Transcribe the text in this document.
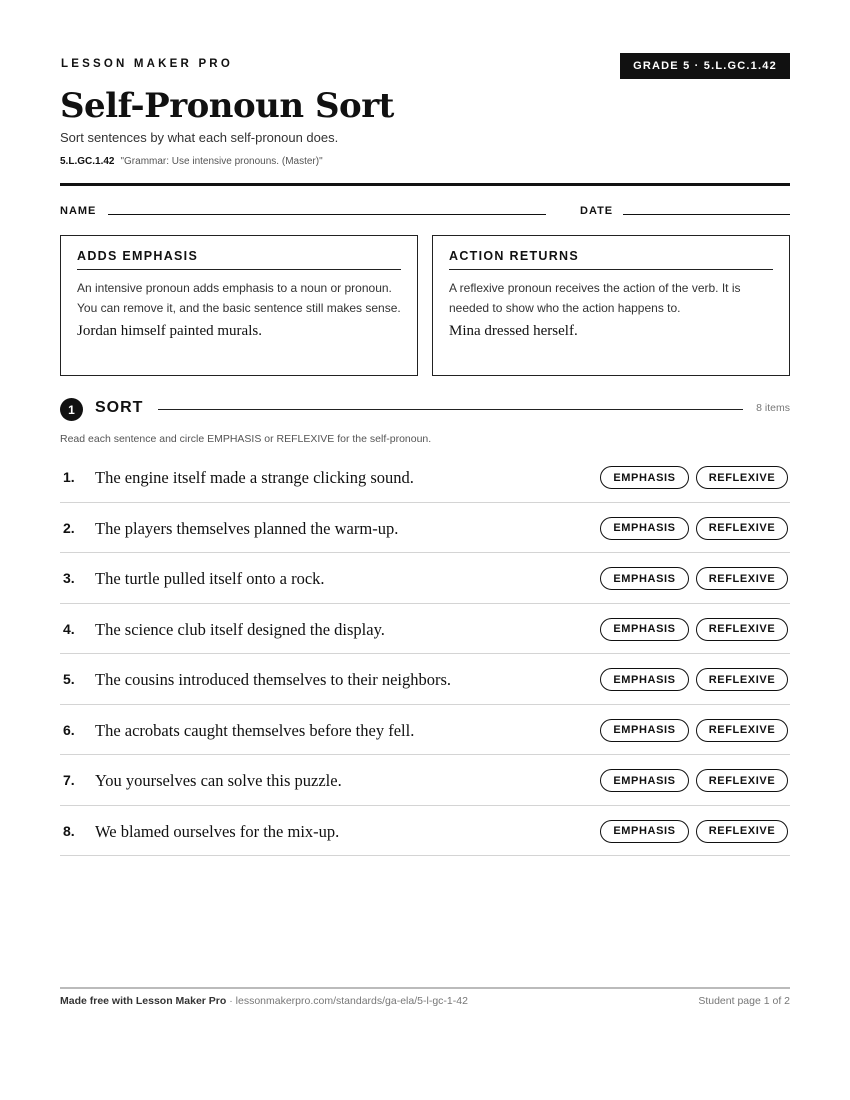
LESSON MAKER PRO	GRADE 5 · 5.L.GC.1.42
Self-Pronoun Sort
Sort sentences by what each self-pronoun does.
5.L.GC.1.42 "Grammar: Use intensive pronouns. (Master)"
NAME	DATE
ADDS EMPHASIS
An intensive pronoun adds emphasis to a noun or pronoun. You can remove it, and the basic sentence still makes sense.
Jordan himself painted murals.
ACTION RETURNS
A reflexive pronoun receives the action of the verb. It is needed to show who the action happens to.
Mina dressed herself.
1	SORT	8 items
Read each sentence and circle EMPHASIS or REFLEXIVE for the self-pronoun.
1. The engine itself made a strange clicking sound.	EMPHASIS	REFLEXIVE
2. The players themselves planned the warm-up.	EMPHASIS	REFLEXIVE
3. The turtle pulled itself onto a rock.	EMPHASIS	REFLEXIVE
4. The science club itself designed the display.	EMPHASIS	REFLEXIVE
5. The cousins introduced themselves to their neighbors.	EMPHASIS	REFLEXIVE
6. The acrobats caught themselves before they fell.	EMPHASIS	REFLEXIVE
7. You yourselves can solve this puzzle.	EMPHASIS	REFLEXIVE
8. We blamed ourselves for the mix-up.	EMPHASIS	REFLEXIVE
Made free with Lesson Maker Pro · lessonmakerpro.com/standards/ga-ela/5-l-gc-1-42	Student page 1 of 2
